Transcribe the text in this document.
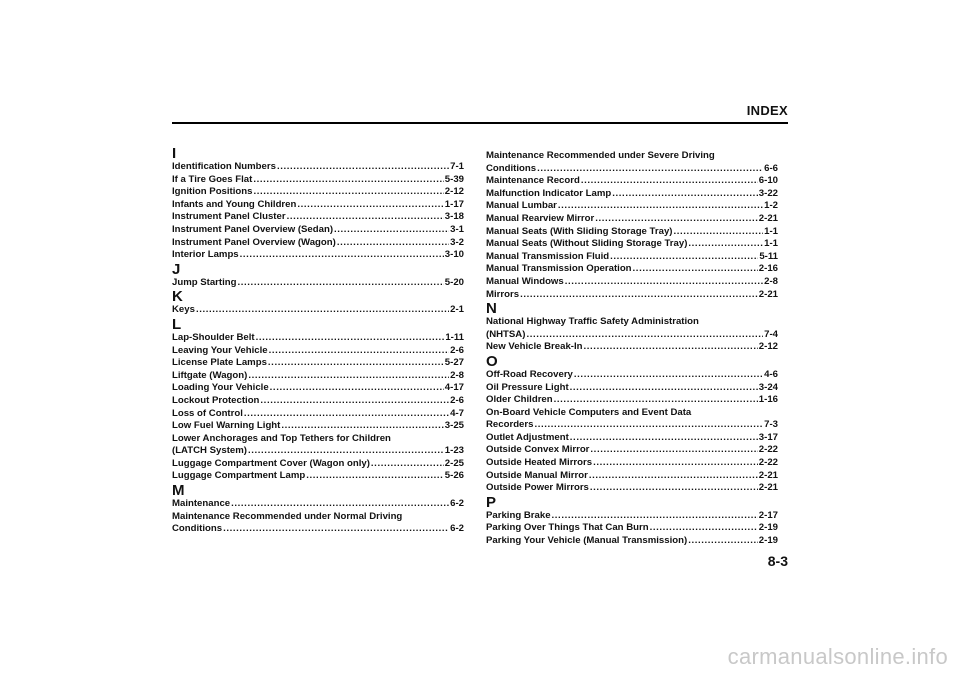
INDEX
I
Identification Numbers .....	7-1
If a Tire Goes Flat .....	5-39
Ignition Positions .....	2-12
Infants and Young Children .....	1-17
Instrument Panel Cluster .....	3-18
Instrument Panel Overview (Sedan) .....	3-1
Instrument Panel Overview (Wagon) .....	3-2
Interior Lamps .....	3-10
J
Jump Starting .....	5-20
K
Keys .....	2-1
L
Lap-Shoulder Belt .....	1-11
Leaving Your Vehicle .....	2-6
License Plate Lamps .....	5-27
Liftgate (Wagon) .....	2-8
Loading Your Vehicle .....	4-17
Lockout Protection .....	2-6
Loss of Control .....	4-7
Low Fuel Warning Light .....	3-25
Lower Anchorages and Top Tethers for Children
(LATCH System) .....	1-23
Luggage Compartment Cover (Wagon only) .....	2-25
Luggage Compartment Lamp .....	5-26
M
Maintenance .....	6-2
Maintenance Recommended under Normal Driving
Conditions .....	6-2
Maintenance Recommended under Severe Driving
Conditions .....	6-6
Maintenance Record .....	6-10
Malfunction Indicator Lamp .....	3-22
Manual Lumbar .....	1-2
Manual Rearview Mirror .....	2-21
Manual Seats (With Sliding Storage Tray) .....	1-1
Manual Seats (Without Sliding Storage Tray) .....	1-1
Manual Transmission Fluid .....	5-11
Manual Transmission Operation .....	2-16
Manual Windows .....	2-8
Mirrors .....	2-21
N
National Highway Traffic Safety Administration
(NHTSA) .....	7-4
New Vehicle Break-In .....	2-12
O
Off-Road Recovery .....	4-6
Oil Pressure Light .....	3-24
Older Children .....	1-16
On-Board Vehicle Computers and Event Data
Recorders .....	7-3
Outlet Adjustment .....	3-17
Outside Convex Mirror .....	2-22
Outside Heated Mirrors .....	2-22
Outside Manual Mirror .....	2-21
Outside Power Mirrors .....	2-21
P
Parking Brake .....	2-17
Parking Over Things That Can Burn .....	2-19
Parking Your Vehicle (Manual Transmission) .....	2-19
8-3
carmanualsonline.info
